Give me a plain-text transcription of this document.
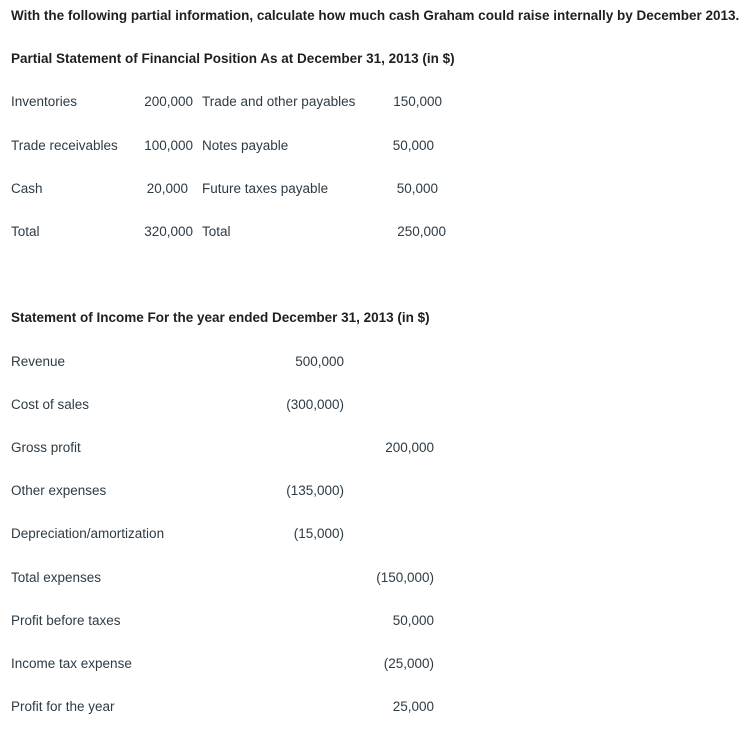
With the following partial information, calculate how much cash Graham could raise internally by December 2013.
Partial Statement of Financial Position As at December 31, 2013 (in $)
Inventories	200,000 Trade and other payables	150,000
Trade receivables	100,000 Notes payable	50,000
Cash	20,000 Future taxes payable	50,000
Total	320,000 Total	250,000
Statement of Income For the year ended December 31, 2013 (in $)
Revenue	500,000
Cost of sales	(300,000)
Gross profit	200,000
Other expenses	(135,000)
Depreciation/amortization	(15,000)
Total expenses	(150,000)
Profit before taxes	50,000
Income tax expense	(25,000)
Profit for the year	25,000
